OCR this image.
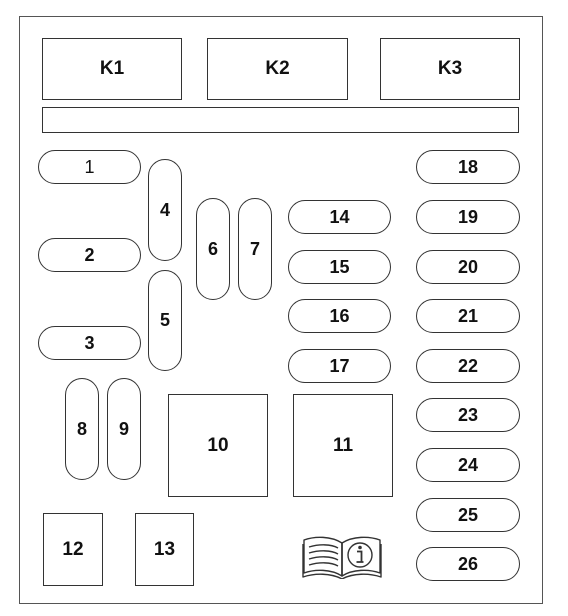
K1	K2	K3
1
2
3
4
5
6	7
8	9
10	11
12	13
14
15
16
17
18
19
20
21
22
23
24
25
26
